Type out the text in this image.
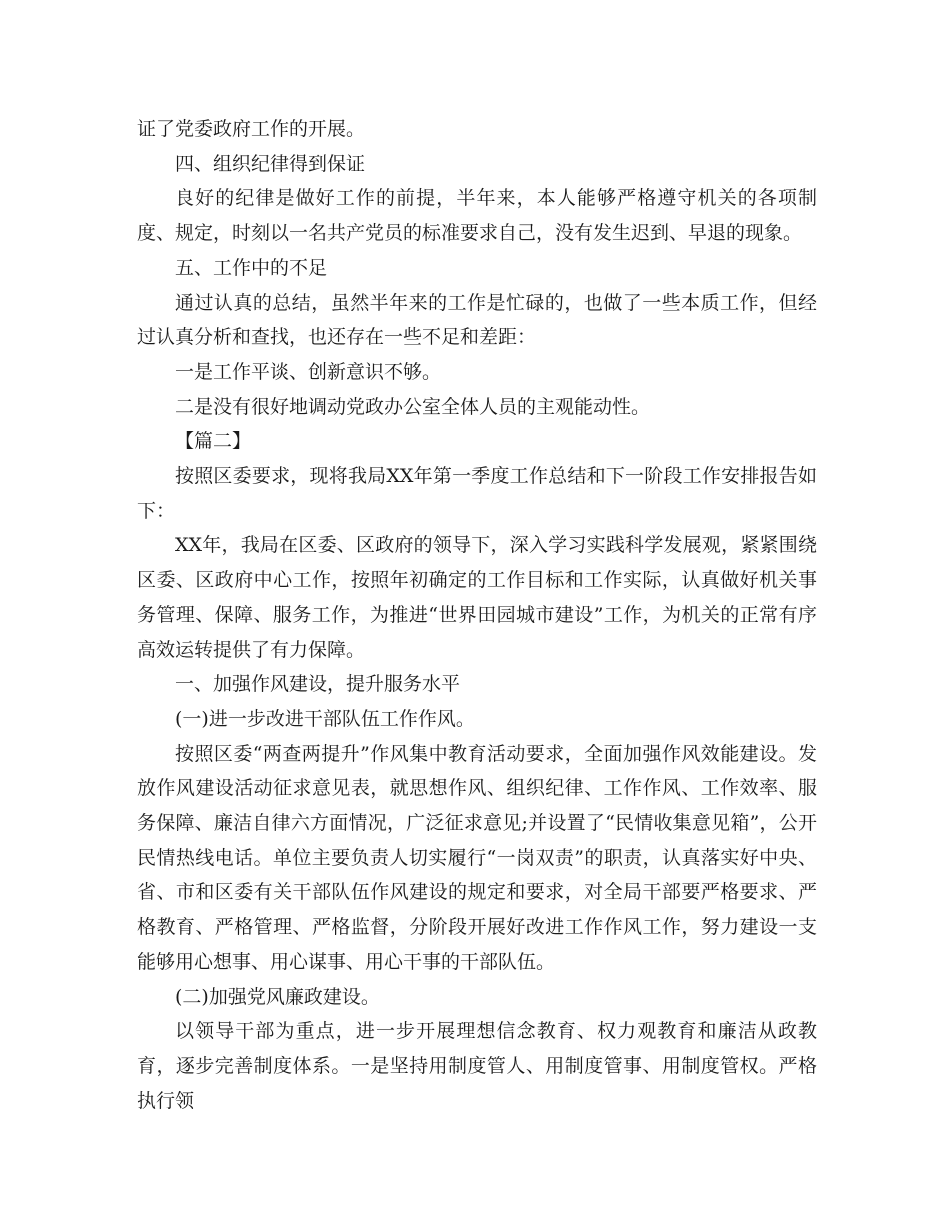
证了党委政府工作的开展。

四、组织纪律得到保证

良好的纪律是做好工作的前提，半年来，本人能够严格遵守机关的各项制度、规定，时刻以一名共产党员的标准要求自己，没有发生迟到、早退的现象。

五、工作中的不足

通过认真的总结，虽然半年来的工作是忙碌的，也做了一些本质工作，但经过认真分析和查找，也还存在一些不足和差距：

一是工作平谈、创新意识不够。

二是没有很好地调动党政办公室全体人员的主观能动性。

【篇二】

按照区委要求，现将我局XX年第一季度工作总结和下一阶段工作安排报告如下：

XX年，我局在区委、区政府的领导下，深入学习实践科学发展观，紧紧围绕区委、区政府中心工作，按照年初确定的工作目标和工作实际，认真做好机关事务管理、保障、服务工作，为推进“世界田园城市建设”工作，为机关的正常有序高效运转提供了有力保障。

一、加强作风建设，提升服务水平

(一)进一步改进干部队伍工作作风。

按照区委“两查两提升”作风集中教育活动要求，全面加强作风效能建设。发放作风建设活动征求意见表，就思想作风、组织纪律、工作作风、工作效率、服务保障、廉洁自律六方面情况，广泛征求意见;并设置了“民情收集意见箱”，公开民情热线电话。单位主要负责人切实履行“一岗双责”的职责，认真落实好中央、省、市和区委有关干部队伍作风建设的规定和要求，对全局干部要严格要求、严格教育、严格管理、严格监督，分阶段开展好改进工作作风工作，努力建设一支能够用心想事、用心谋事、用心干事的干部队伍。

(二)加强党风廉政建设。

以领导干部为重点，进一步开展理想信念教育、权力观教育和廉洁从政教育，逐步完善制度体系。一是坚持用制度管人、用制度管事、用制度管权。严格执行领
